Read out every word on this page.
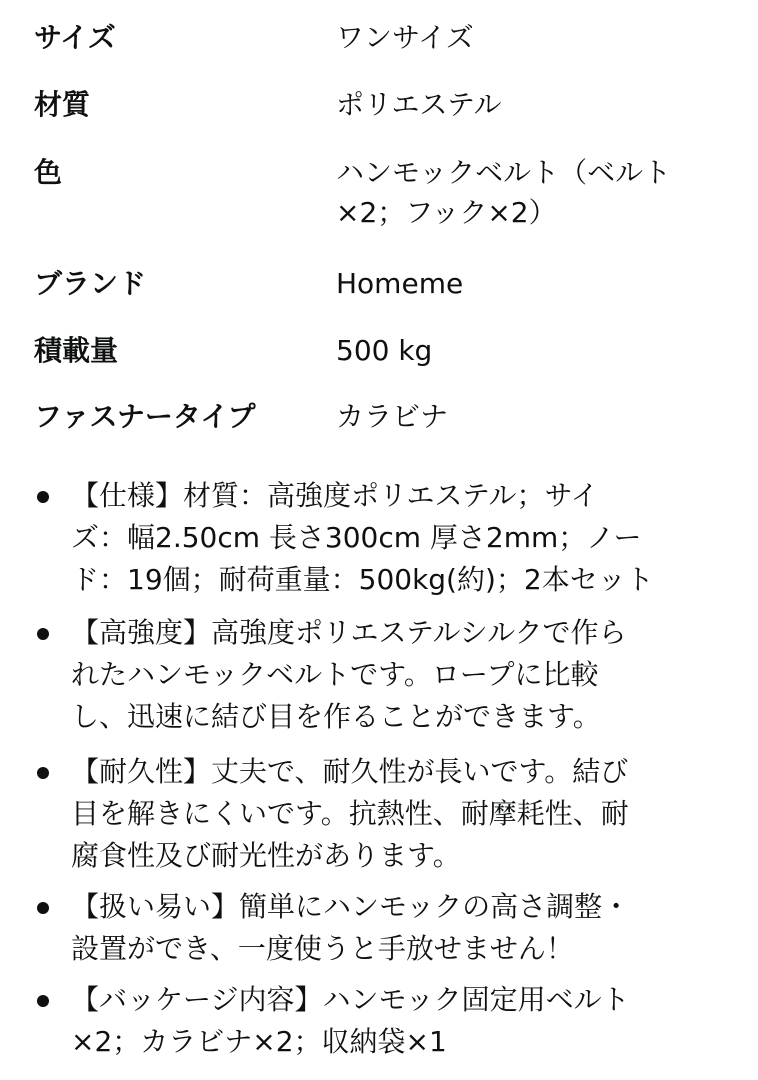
サイズ	ワンサイズ
材質	ポリエステル
色	ハンモックベルト（ベルト
×2；フック×2）
ブランド	Homeme
積載量	500 kg
ファスナータイプ	カラビナ
【仕様】材質：高強度ポリエステル；サイ
ズ：幅2.50cm 長さ300cm 厚さ2mm；ノー
ド：19個；耐荷重量：500kg(約)；2本セット
【高強度】高強度ポリエステルシルクで作ら
れたハンモックベルトです。ロープに比較
し、迅速に結び目を作ることができます。
【耐久性】丈夫で、耐久性が長いです。結び
目を解きにくいです。抗熱性、耐摩耗性、耐
腐食性及び耐光性があります。
【扱い易い】簡単にハンモックの高さ調整・
設置ができ、一度使うと手放せません！
【バッケージ内容】ハンモック固定用ベルト
×2；カラビナ×2；収納袋×1
